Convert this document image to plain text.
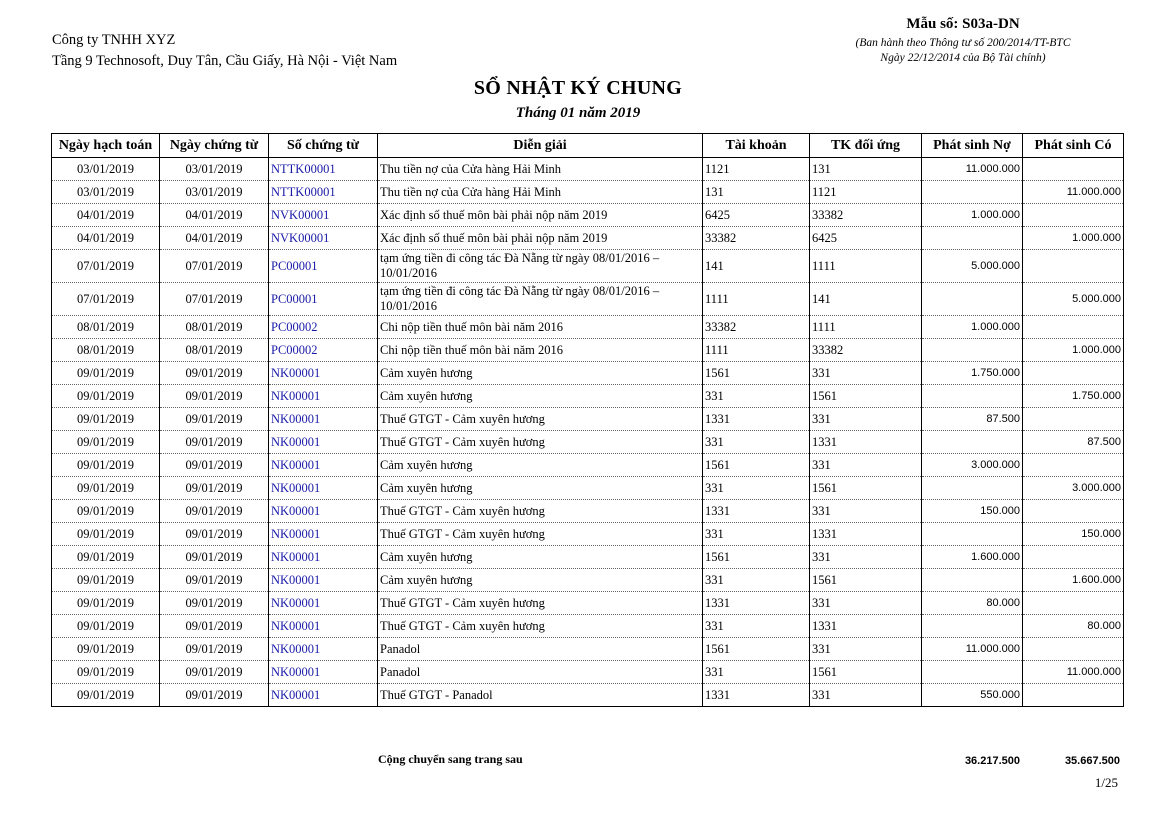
Công ty TNHH XYZ
Tầng 9 Technosoft, Duy Tân, Cầu Giấy, Hà Nội - Việt Nam
Mẫu số: S03a-DN
(Ban hành theo Thông tư số 200/2014/TT-BTC
Ngày 22/12/2014 của Bộ Tài chính)
SỔ NHẬT KÝ CHUNG
Tháng 01 năm 2019
Ngày hạch toán	Ngày chứng từ	Số chứng từ	Diễn giải	Tài khoản	TK đối ứng	Phát sinh Nợ	Phát sinh Có
03/01/2019	03/01/2019	NTTK00001	Thu tiền nợ của Cửa hàng Hải Minh	1121	131	11.000.000	
03/01/2019	03/01/2019	NTTK00001	Thu tiền nợ của Cửa hàng Hải Minh	131	1121		11.000.000
04/01/2019	04/01/2019	NVK00001	Xác định số thuế môn bài phải nộp năm 2019	6425	33382	1.000.000	
04/01/2019	04/01/2019	NVK00001	Xác định số thuế môn bài phải nộp năm 2019	33382	6425		1.000.000
07/01/2019	07/01/2019	PC00001	tạm ứng tiền đi công tác Đà Nẵng từ ngày 08/01/2016 – 10/01/2016	141	1111	5.000.000	
07/01/2019	07/01/2019	PC00001	tạm ứng tiền đi công tác Đà Nẵng từ ngày 08/01/2016 – 10/01/2016	1111	141		5.000.000
08/01/2019	08/01/2019	PC00002	Chi nộp tiền thuế môn bài năm 2016	33382	1111	1.000.000	
08/01/2019	08/01/2019	PC00002	Chi nộp tiền thuế môn bài năm 2016	1111	33382		1.000.000
09/01/2019	09/01/2019	NK00001	Cảm xuyên hương	1561	331	1.750.000	
09/01/2019	09/01/2019	NK00001	Cảm xuyên hương	331	1561		1.750.000
09/01/2019	09/01/2019	NK00001	Thuế GTGT - Cảm xuyên hương	1331	331	87.500	
09/01/2019	09/01/2019	NK00001	Thuế GTGT - Cảm xuyên hương	331	1331		87.500
09/01/2019	09/01/2019	NK00001	Cảm xuyên hương	1561	331	3.000.000	
09/01/2019	09/01/2019	NK00001	Cảm xuyên hương	331	1561		3.000.000
09/01/2019	09/01/2019	NK00001	Thuế GTGT - Cảm xuyên hương	1331	331	150.000	
09/01/2019	09/01/2019	NK00001	Thuế GTGT - Cảm xuyên hương	331	1331		150.000
09/01/2019	09/01/2019	NK00001	Cảm xuyên hương	1561	331	1.600.000	
09/01/2019	09/01/2019	NK00001	Cảm xuyên hương	331	1561		1.600.000
09/01/2019	09/01/2019	NK00001	Thuế GTGT - Cảm xuyên hương	1331	331	80.000	
09/01/2019	09/01/2019	NK00001	Thuế GTGT - Cảm xuyên hương	331	1331		80.000
09/01/2019	09/01/2019	NK00001	Panadol	1561	331	11.000.000	
09/01/2019	09/01/2019	NK00001	Panadol	331	1561		11.000.000
09/01/2019	09/01/2019	NK00001	Thuế GTGT - Panadol	1331	331	550.000	
Cộng chuyển sang trang sau	36.217.500	35.667.500
1/25
